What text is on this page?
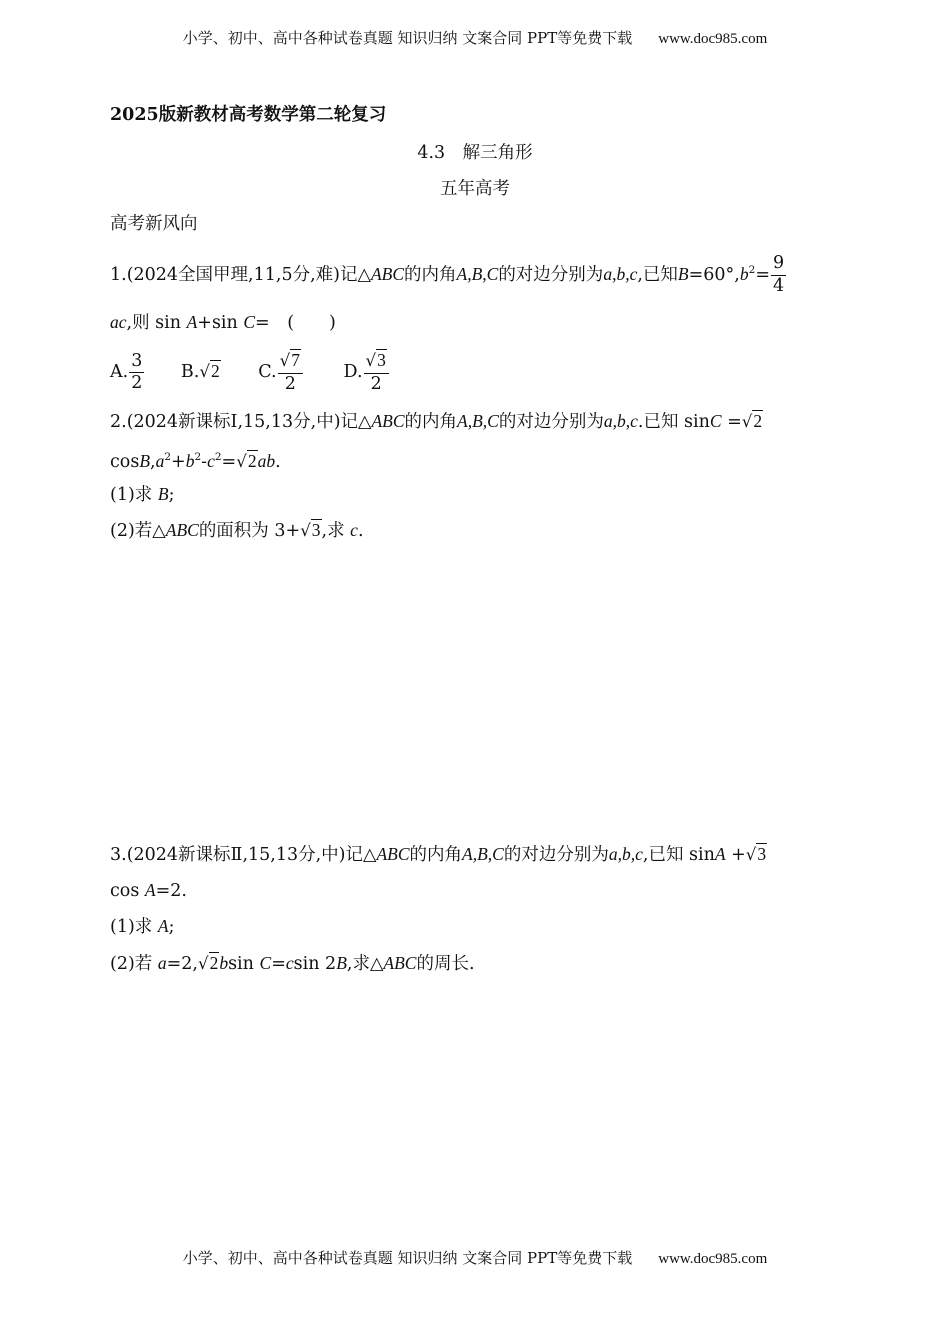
小学、初中、高中各种试卷真题 知识归纳 文案合同 PPT等免费下载 www.doc985.com
2025版新教材高考数学第二轮复习
4.3　解三角形
五年高考
高考新风向
1.(2024全国甲理,11,5分,难)记△ABC的内角A,B,C的对边分别为a,b,c,已知$B=60^\circ,b^2= \frac{9}{4}$
ac,则 sin A+sin C=　(　　)
A. $\frac{3}{2} B.√2$ C. $\frac{√7}{2} D$. $\frac{√3}{2}$
2.(2024新课标Ⅰ,15,13分,中)记△ABC的内角A,B,C的对边分别为a,b,c.已知 sinC =√2
$\cos B,a^2+b^2-c^2=√2ab$.
(1)求 B;
(2)若△ABC的面积为 3+√3,求 c.
3.(2024新课标Ⅱ,15,13分,中)记△ABC的内角A,B,C的对边分别为a,b,c,已知 sinA +√3
cos A=2.
(1)求 A;
(2)若 a=2,√2bsin C=csin 2B,求△ABC的周长.
小学、初中、高中各种试卷真题 知识归纳 文案合同 PPT等免费下载 www.doc985.com
